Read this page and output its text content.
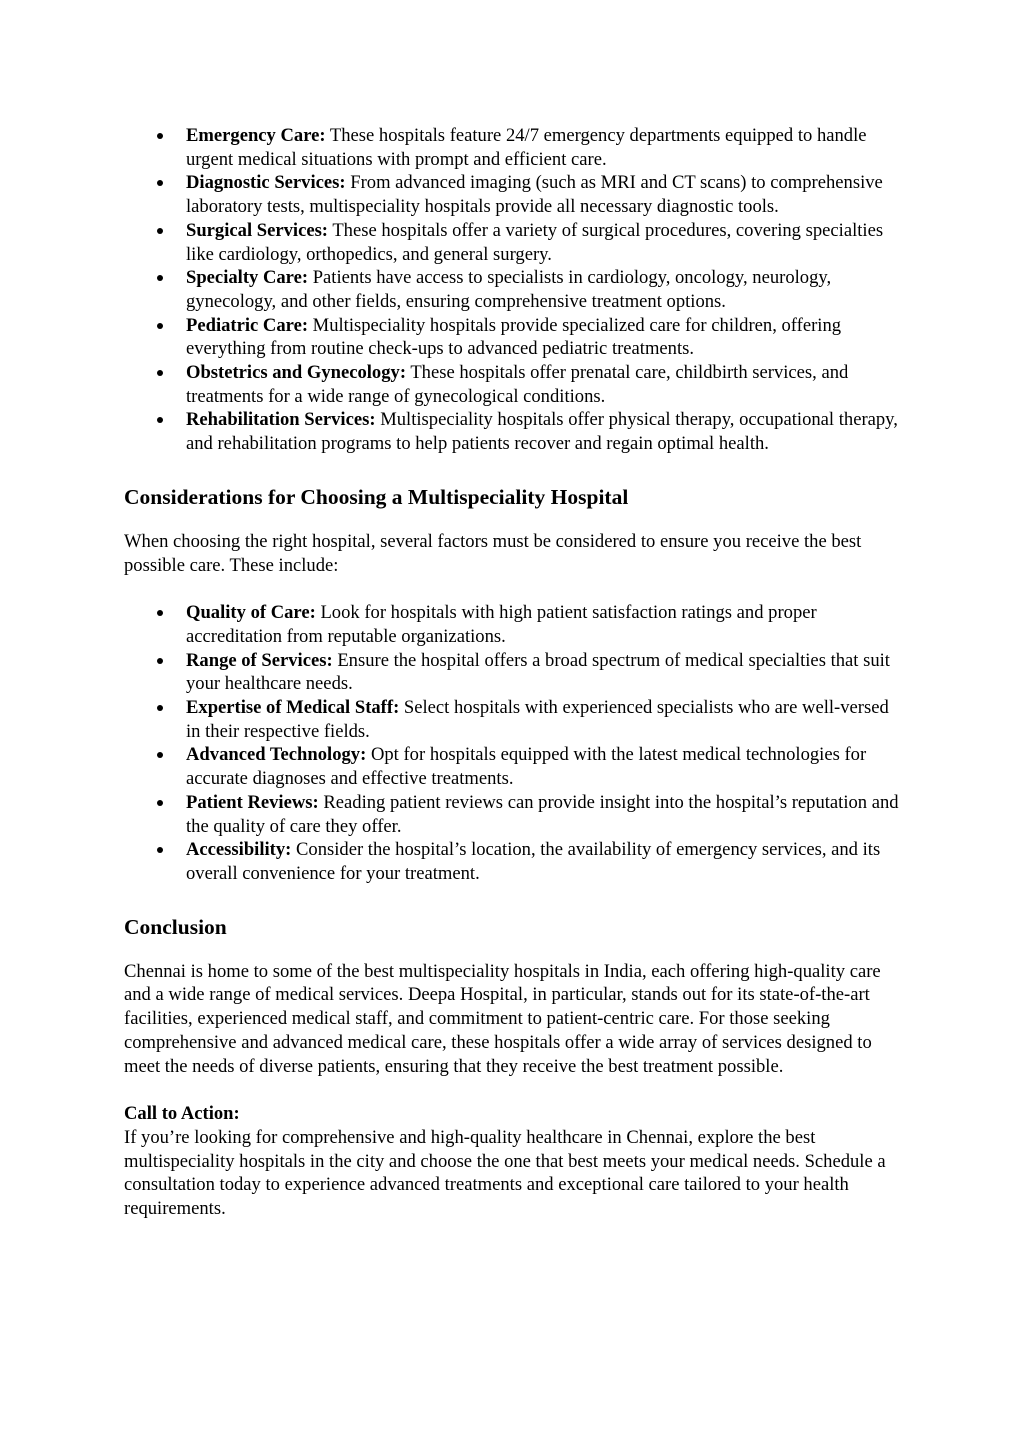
Emergency Care: These hospitals feature 24/7 emergency departments equipped to handle urgent medical situations with prompt and efficient care.
Diagnostic Services: From advanced imaging (such as MRI and CT scans) to comprehensive laboratory tests, multispeciality hospitals provide all necessary diagnostic tools.
Surgical Services: These hospitals offer a variety of surgical procedures, covering specialties like cardiology, orthopedics, and general surgery.
Specialty Care: Patients have access to specialists in cardiology, oncology, neurology, gynecology, and other fields, ensuring comprehensive treatment options.
Pediatric Care: Multispeciality hospitals provide specialized care for children, offering everything from routine check-ups to advanced pediatric treatments.
Obstetrics and Gynecology: These hospitals offer prenatal care, childbirth services, and treatments for a wide range of gynecological conditions.
Rehabilitation Services: Multispeciality hospitals offer physical therapy, occupational therapy, and rehabilitation programs to help patients recover and regain optimal health.
Considerations for Choosing a Multispeciality Hospital

When choosing the right hospital, several factors must be considered to ensure you receive the best possible care. These include:

Quality of Care: Look for hospitals with high patient satisfaction ratings and proper accreditation from reputable organizations.
Range of Services: Ensure the hospital offers a broad spectrum of medical specialties that suit your healthcare needs.
Expertise of Medical Staff: Select hospitals with experienced specialists who are well-versed in their respective fields.
Advanced Technology: Opt for hospitals equipped with the latest medical technologies for accurate diagnoses and effective treatments.
Patient Reviews: Reading patient reviews can provide insight into the hospital’s reputation and the quality of care they offer.
Accessibility: Consider the hospital’s location, the availability of emergency services, and its overall convenience for your treatment.
Conclusion

Chennai is home to some of the best multispeciality hospitals in India, each offering high-quality care and a wide range of medical services. Deepa Hospital, in particular, stands out for its state-of-the-art facilities, experienced medical staff, and commitment to patient-centric care. For those seeking comprehensive and advanced medical care, these hospitals offer a wide array of services designed to meet the needs of diverse patients, ensuring that they receive the best treatment possible.

Call to Action:
If you’re looking for comprehensive and high-quality healthcare in Chennai, explore the best multispeciality hospitals in the city and choose the one that best meets your medical needs. Schedule a consultation today to experience advanced treatments and exceptional care tailored to your health requirements.
